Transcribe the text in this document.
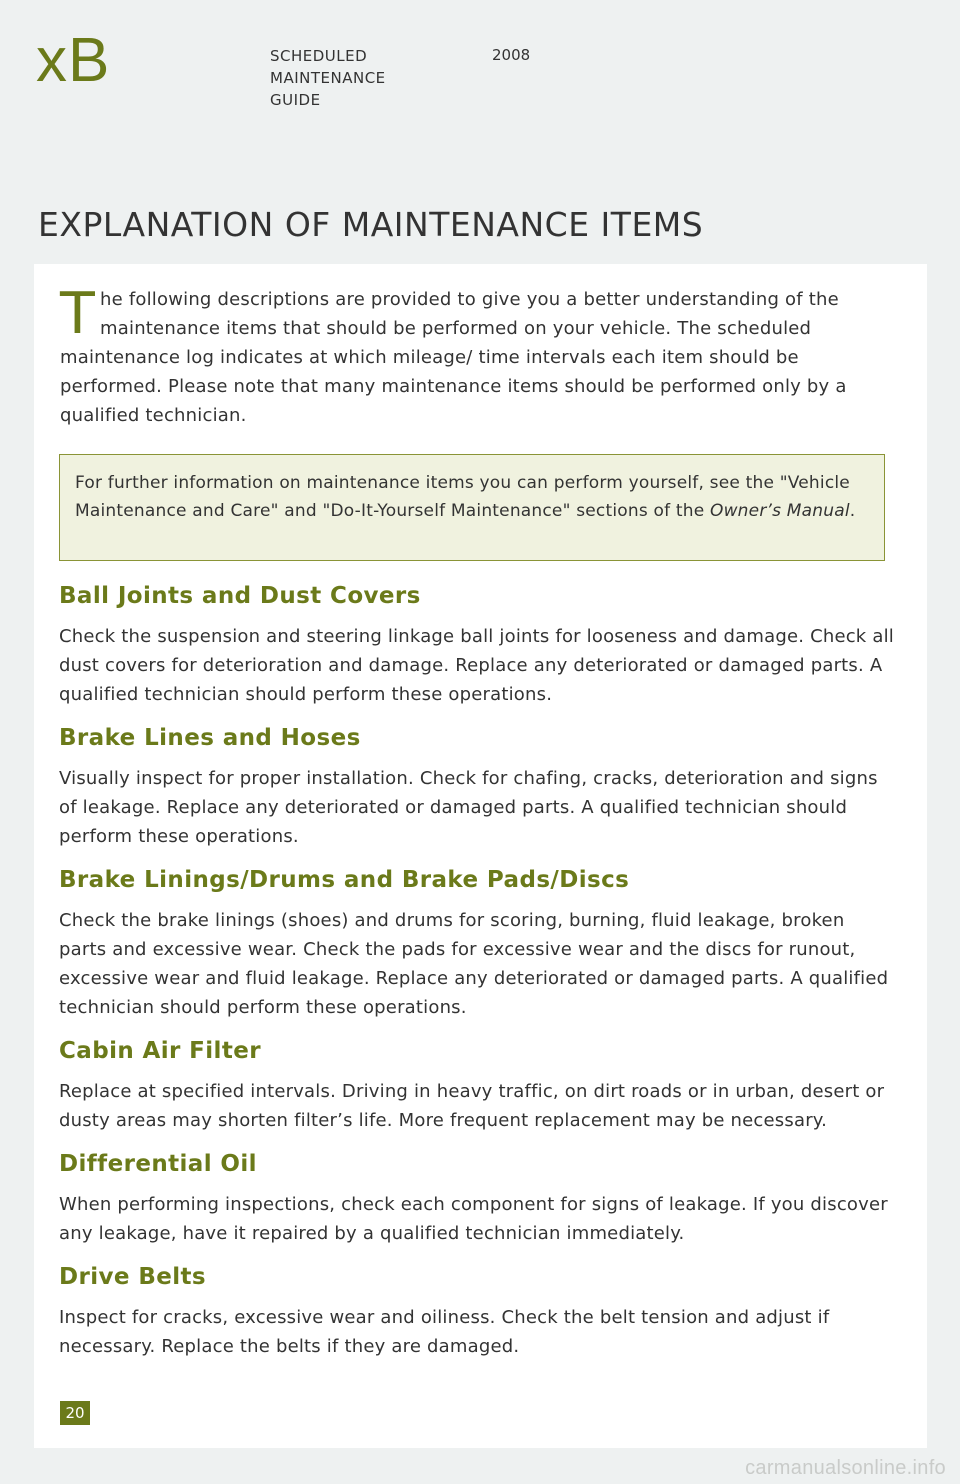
xB	SCHEDULED
MAINTENANCE
GUIDE
2008
EXPLANATION OF MAINTENANCE ITEMS

The following descriptions are provided to give you a better understanding of the maintenance items that should be performed on your vehicle. The scheduled maintenance log indicates at which mileage/ time intervals each item should be performed. Please note that many maintenance items should be performed only by a qualified technician.

For further information on maintenance items you can perform yourself, see the "Vehicle Maintenance and Care" and "Do-It-Yourself Maintenance" sections of the Owner’s Manual.
Ball Joints and Dust Covers

Check the suspension and steering linkage ball joints for looseness and damage. Check all dust covers for deterioration and damage. Replace any deteriorated or damaged parts. A qualified technician should perform these operations.

Brake Lines and Hoses

Visually inspect for proper installation. Check for chafing, cracks, deterioration and signs of leakage. Replace any deteriorated or damaged parts. A qualified technician should perform these operations.

Brake Linings/Drums and Brake Pads/Discs

Check the brake linings (shoes) and drums for scoring, burning, fluid leakage, broken parts and excessive wear. Check the pads for excessive wear and the discs for runout, excessive wear and fluid leakage. Replace any deteriorated or damaged parts. A qualified technician should perform these operations.

Cabin Air Filter

Replace at specified intervals. Driving in heavy traffic, on dirt roads or in urban, desert or dusty areas may shorten filter’s life. More frequent replacement may be necessary.

Differential Oil

When performing inspections, check each component for signs of leakage. If you discover any leakage, have it repaired by a qualified technician immediately.

Drive Belts

Inspect for cracks, excessive wear and oiliness. Check the belt tension and adjust if necessary. Replace the belts if they are damaged.

20
carmanualsonline.info
